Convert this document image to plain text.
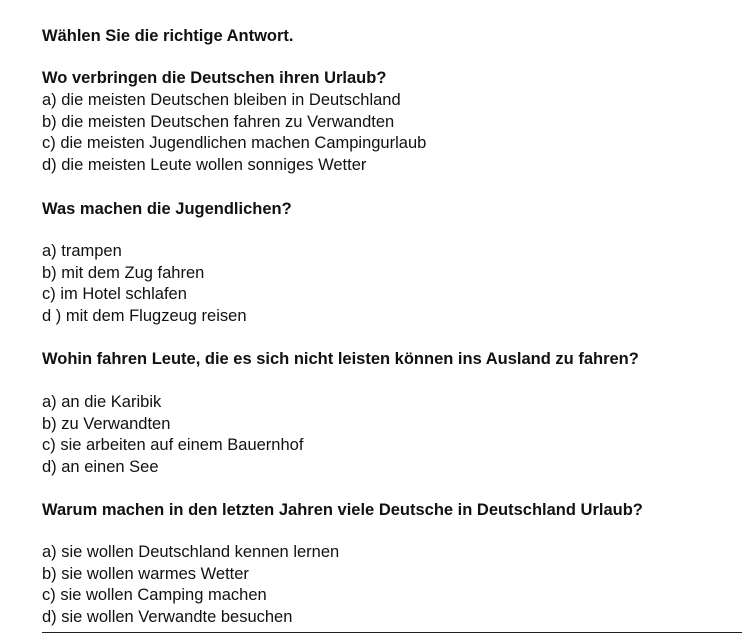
Wählen Sie die richtige Antwort.
Wo verbringen die Deutschen ihren Urlaub?
a) die meisten Deutschen bleiben in Deutschland
b) die meisten Deutschen fahren zu Verwandten
c) die meisten Jugendlichen machen Campingurlaub
d) die meisten Leute wollen sonniges Wetter
Was machen die Jugendlichen?
a) trampen
b) mit dem Zug fahren
c) im Hotel schlafen
d ) mit dem Flugzeug reisen
Wohin fahren Leute, die es sich nicht leisten können ins Ausland zu fahren?
a) an die Karibik
b) zu Verwandten
c) sie arbeiten auf einem Bauernhof
d) an einen See
Warum machen in den letzten Jahren viele Deutsche in Deutschland Urlaub?
a) sie wollen Deutschland kennen lernen
b) sie wollen warmes Wetter
c) sie wollen Camping machen
d) sie wollen Verwandte besuchen
